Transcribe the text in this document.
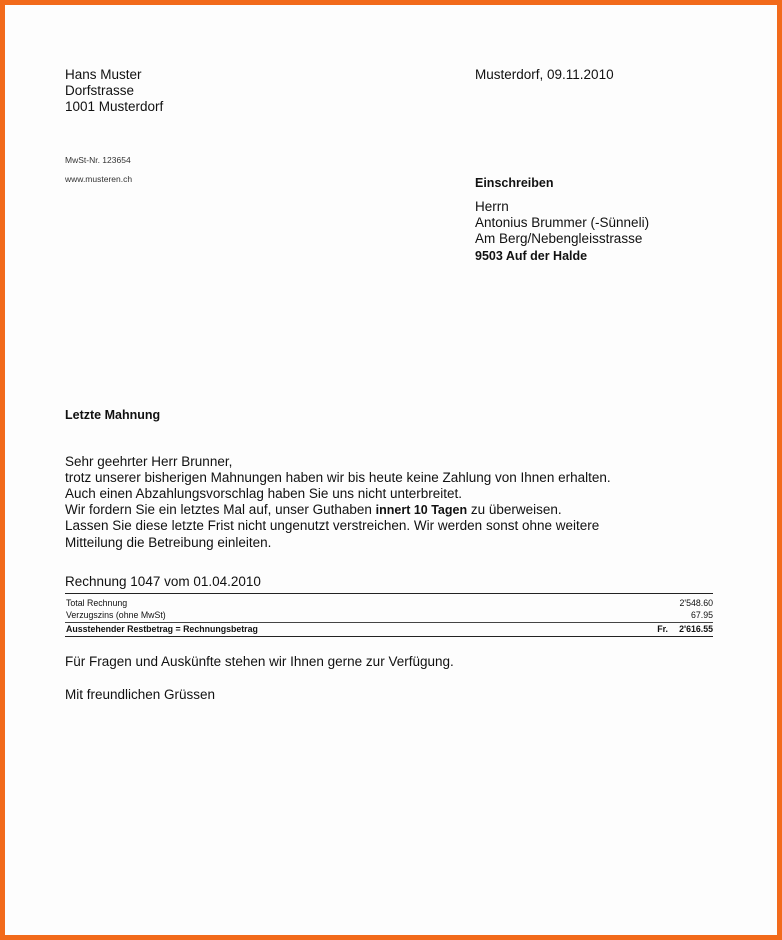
Hans Muster
Dorfstrasse
1001 Musterdorf
MwSt-Nr. 123654
www.musteren.ch
Musterdorf, 09.11.2010
Einschreiben
Herrn
Antonius Brummer (-Sünneli)
Am Berg/Nebengleisstrasse
9503 Auf der Halde
Letzte Mahnung
Sehr geehrter Herr Brunner,
trotz unserer bisherigen Mahnungen haben wir bis heute keine Zahlung von Ihnen erhalten.
Auch einen Abzahlungsvorschlag haben Sie uns nicht unterbreitet.
Wir fordern Sie ein letztes Mal auf, unser Guthaben innert 10 Tagen zu überweisen.
Lassen Sie diese letzte Frist nicht ungenutzt verstreichen. Wir werden sonst ohne weitere
Mitteilung die Betreibung einleiten.
Rechnung 1047 vom 01.04.2010
Total Rechnung	2'548.60
Verzugszins (ohne MwSt)	67.95
Ausstehender Restbetrag = Rechnungsbetrag	Fr. 2'616.55
Für Fragen und Auskünfte stehen wir Ihnen gerne zur Verfügung.
Mit freundlichen Grüssen
